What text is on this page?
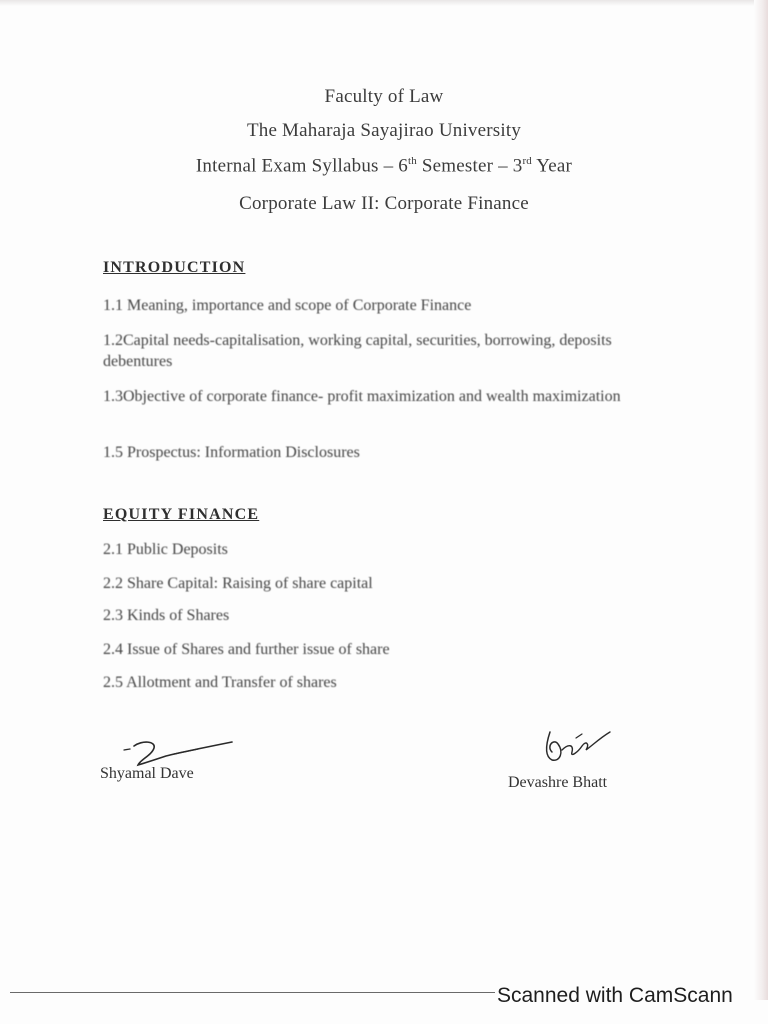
Faculty of Law
The Maharaja Sayajirao University
Internal Exam Syllabus – 6th Semester – 3rd Year
Corporate Law II: Corporate Finance
INTRODUCTION
1.1 Meaning, importance and scope of Corporate Finance
1.2Capital needs-capitalisation, working capital, securities, borrowing, deposits debentures
1.3Objective of corporate finance- profit maximization and wealth maximization
1.5 Prospectus: Information Disclosures
EQUITY FINANCE
2.1 Public Deposits
2.2 Share Capital: Raising of share capital
2.3 Kinds of Shares
2.4 Issue of Shares and further issue of share
2.5 Allotment and Transfer of shares
Shyamal Dave
Devashre Bhatt
Scanned with CamScann
